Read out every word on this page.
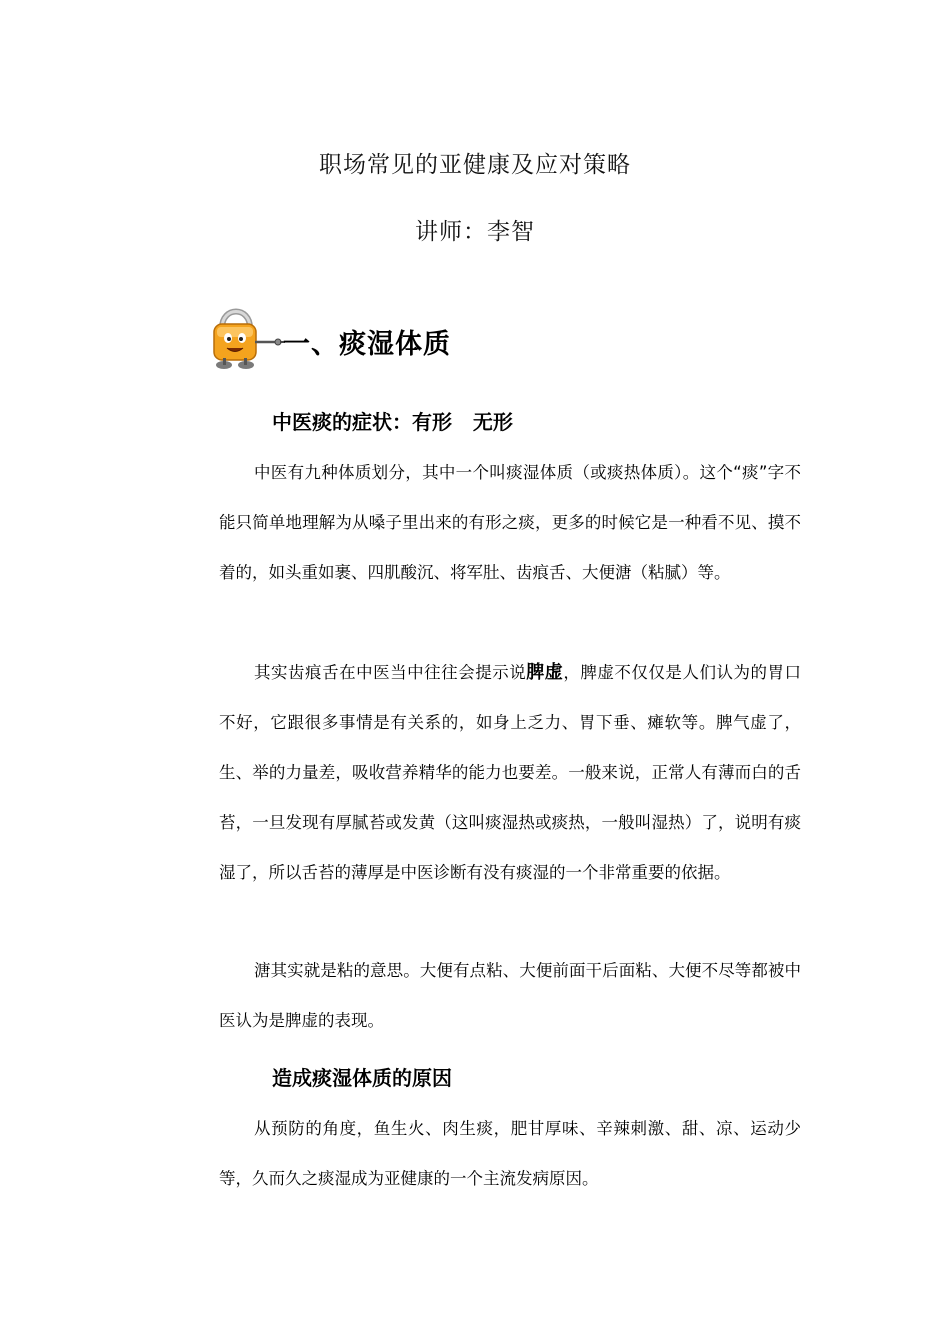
职场常见的亚健康及应对策略
讲师：李智
一、痰湿体质
中医痰的症状：有形   无形

中医有九种体质划分，其中一个叫痰湿体质（或痰热体质）。这个“痰”字不能只简单地理解为从嗓子里出来的有形之痰，更多的时候它是一种看不见、摸不着的，如头重如裹、四肌酸沉、将军肚、齿痕舌、大便溏（粘腻）等。

其实齿痕舌在中医当中往往会提示说脾虚，脾虚不仅仅是人们认为的胃口不好，它跟很多事情是有关系的，如身上乏力、胃下垂、瘫软等。脾气虚了，生、举的力量差，吸收营养精华的能力也要差。一般来说，正常人有薄而白的舌苔，一旦发现有厚腻苔或发黄（这叫痰湿热或痰热，一般叫湿热）了，说明有痰湿了，所以舌苔的薄厚是中医诊断有没有痰湿的一个非常重要的依据。

溏其实就是粘的意思。大便有点粘、大便前面干后面粘、大便不尽等都被中医认为是脾虚的表现。

造成痰湿体质的原因

从预防的角度，鱼生火、肉生痰，肥甘厚味、辛辣刺激、甜、凉、运动少等，久而久之痰湿成为亚健康的一个主流发病原因。
